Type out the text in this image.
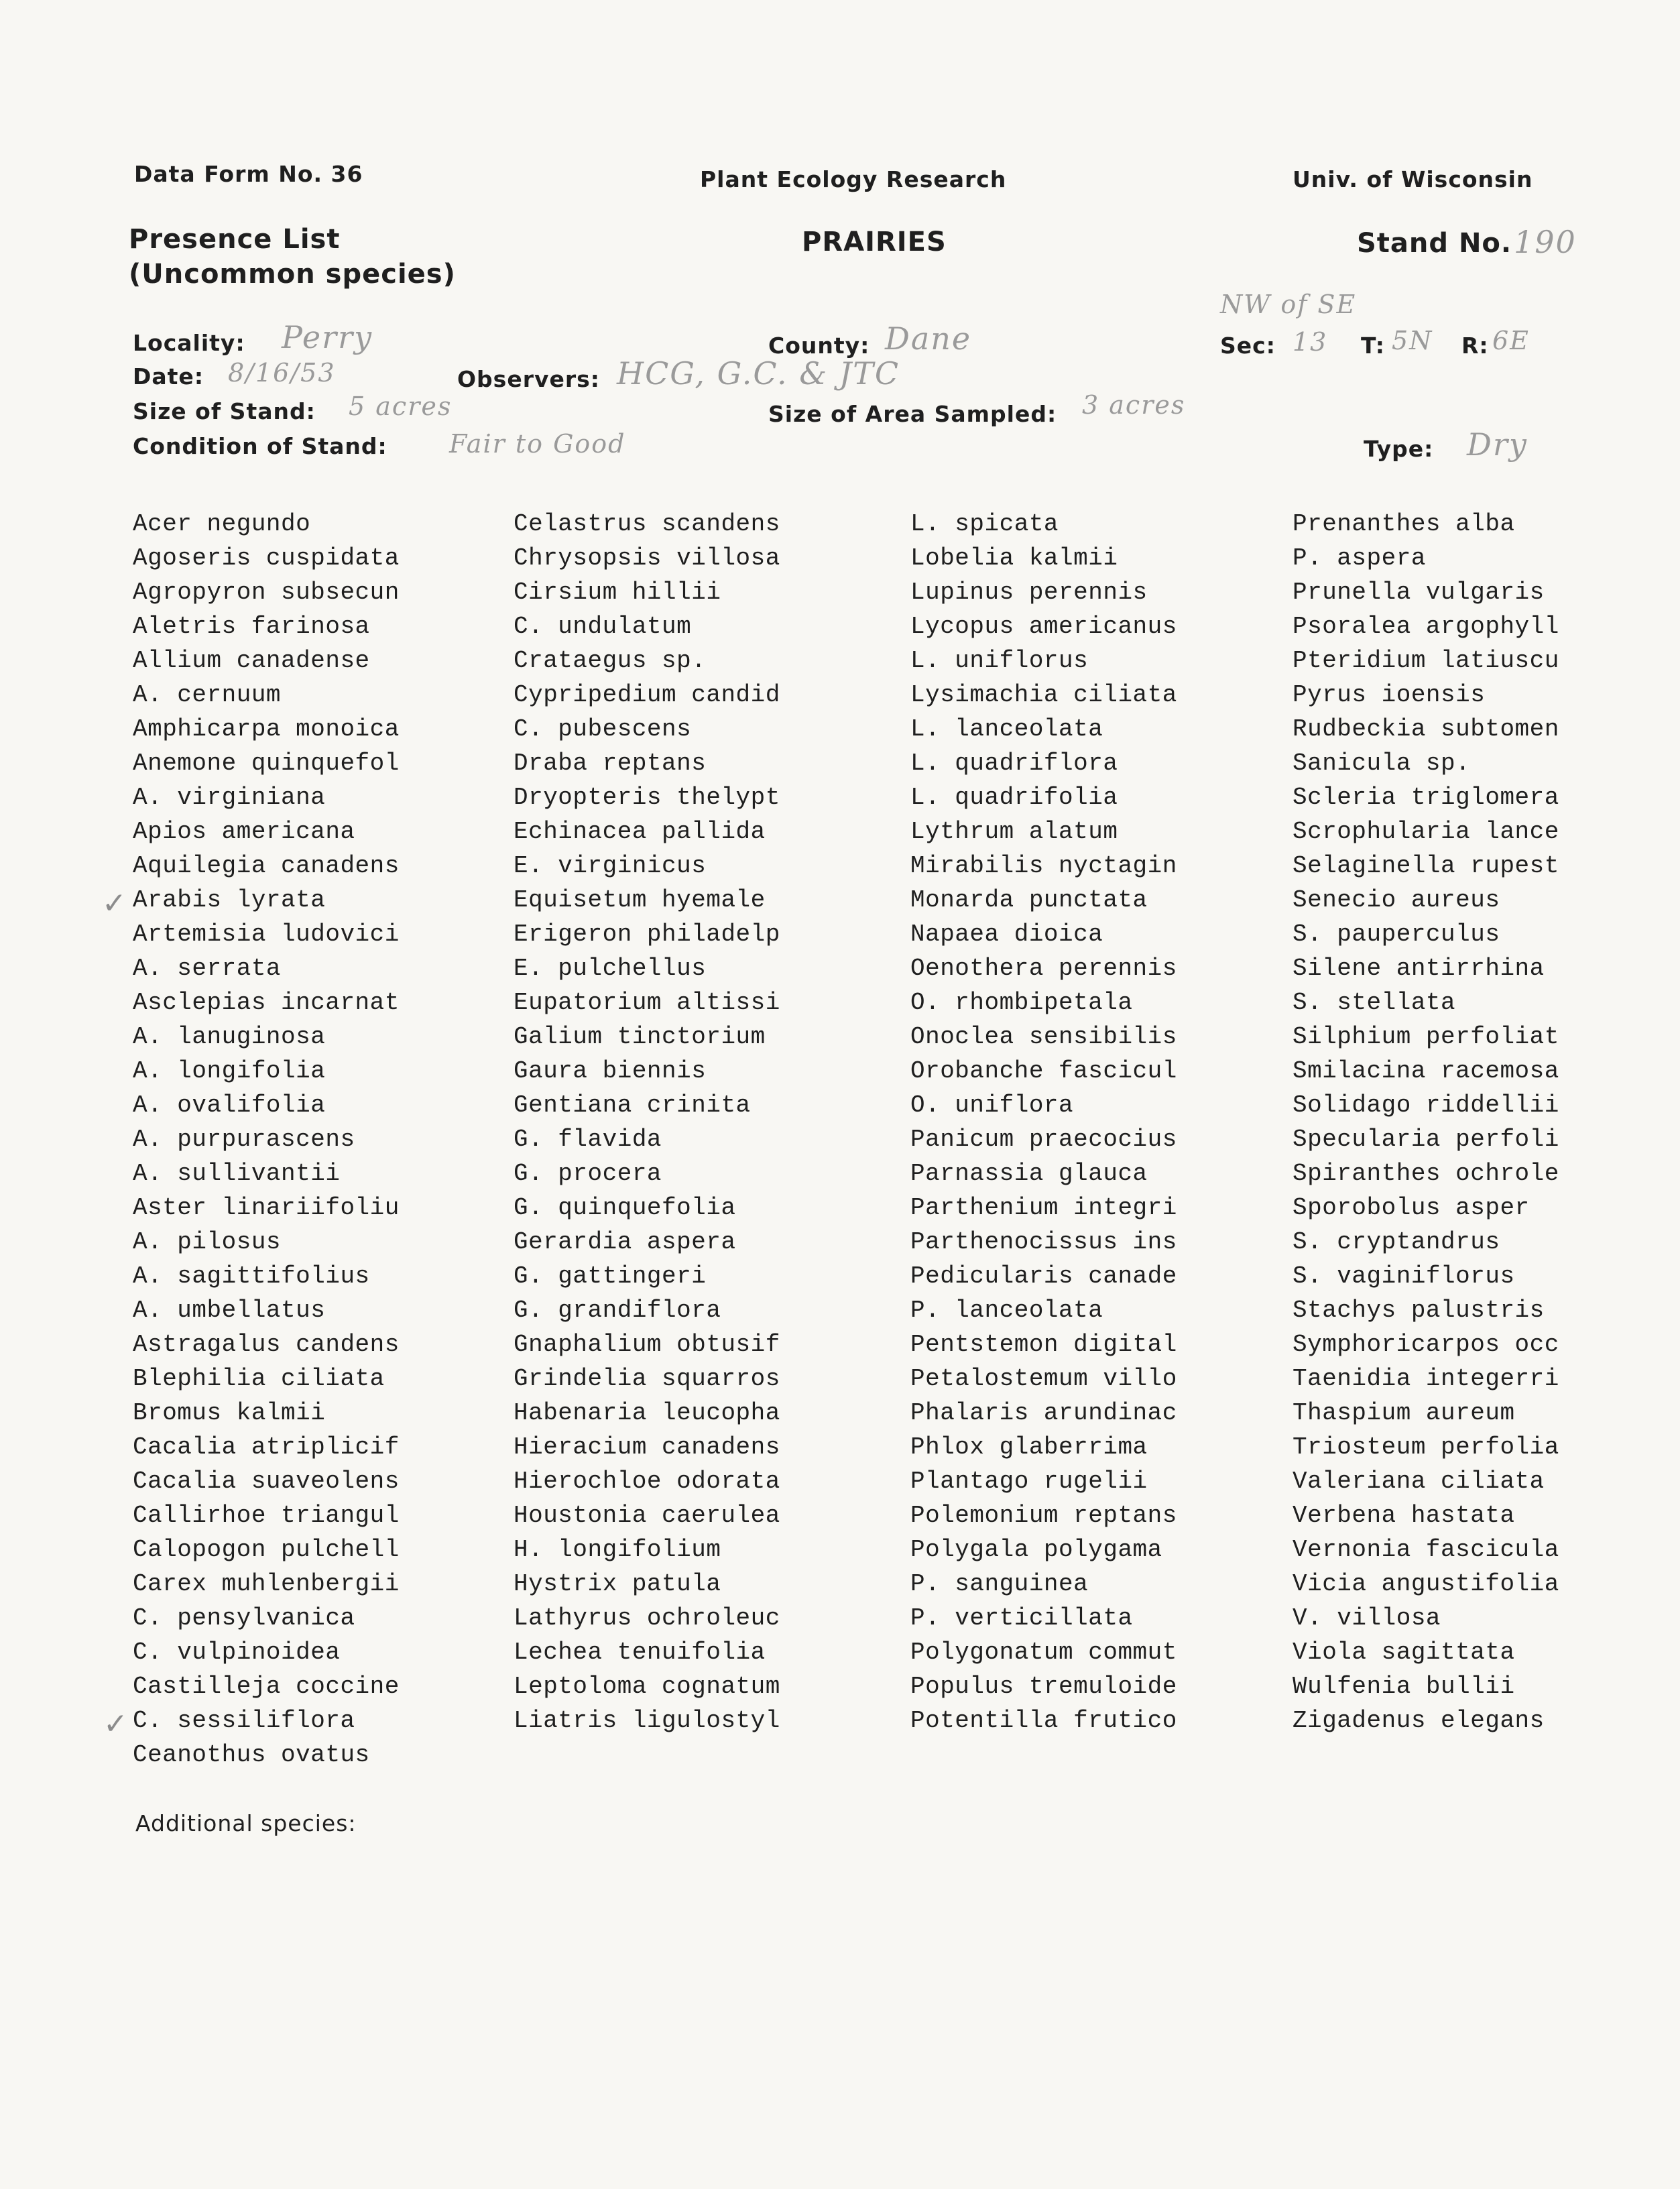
Data Form No. 36	Plant Ecology Research	Univ. of Wisconsin
Presence List
(Uncommon species)
PRAIRIES	Stand No. 190
NW of SE
Locality: Perry	County: Dane	Sec: 13 T: 5N R: 6E
Date: 8/16/53	Observers: HCG, G.C. & JTC
Size of Stand: 5 acres	Size of Area Sampled: 3 acres
Condition of Stand: Fair to Good	Type: Dry
Acer negundo
Agoseris cuspidata
Agropyron subsecun
Aletris farinosa
Allium canadense
A. cernuum
Amphicarpa monoica
Anemone quinquefol
A. virginiana
Apios americana
Aquilegia canadens
Arabis lyrata
Artemisia ludovici
A. serrata
Asclepias incarnat
A. lanuginosa
A. longifolia
A. ovalifolia
A. purpurascens
A. sullivantii
Aster linariifoliu
A. pilosus
A. sagittifolius
A. umbellatus
Astragalus candens
Blephilia ciliata
Bromus kalmii
Cacalia atriplicif
Cacalia suaveolens
Callirhoe triangul
Calopogon pulchell
Carex muhlenbergii
C. pensylvanica
C. vulpinoidea
Castilleja coccine
C. sessiliflora
Ceanothus ovatus
Celastrus scandens
Chrysopsis villosa
Cirsium hillii
C. undulatum
Crataegus sp.
Cypripedium candid
C. pubescens
Draba reptans
Dryopteris thelypt
Echinacea pallida
E. virginicus
Equisetum hyemale
Erigeron philadelp
E. pulchellus
Eupatorium altissi
Galium tinctorium
Gaura biennis
Gentiana crinita
G. flavida
G. procera
G. quinquefolia
Gerardia aspera
G. gattingeri
G. grandiflora
Gnaphalium obtusif
Grindelia squarros
Habenaria leucopha
Hieracium canadens
Hierochloe odorata
Houstonia caerulea
H. longifolium
Hystrix patula
Lathyrus ochroleuc
Lechea tenuifolia
Leptoloma cognatum
Liatris ligulostyl
L. spicata
Lobelia kalmii
Lupinus perennis
Lycopus americanus
L. uniflorus
Lysimachia ciliata
L. lanceolata
L. quadriflora
L. quadrifolia
Lythrum alatum
Mirabilis nyctagin
Monarda punctata
Napaea dioica
Oenothera perennis
O. rhombipetala
Onoclea sensibilis
Orobanche fascicul
O. uniflora
Panicum praecocius
Parnassia glauca
Parthenium integri
Parthenocissus ins
Pedicularis canade
P. lanceolata
Pentstemon digital
Petalostemum villo
Phalaris arundinac
Phlox glaberrima
Plantago rugelii
Polemonium reptans
Polygala polygama
P. sanguinea
P. verticillata
Polygonatum commut
Populus tremuloide
Potentilla frutico
Prenanthes alba
P. aspera
Prunella vulgaris
Psoralea argophyll
Pteridium latiuscu
Pyrus ioensis
Rudbeckia subtomen
Sanicula sp.
Scleria triglomera
Scrophularia lance
Selaginella rupest
Senecio aureus
S. pauperculus
Silene antirrhina
S. stellata
Silphium perfoliat
Smilacina racemosa
Solidago riddellii
Specularia perfoli
Spiranthes ochrole
Sporobolus asper
S. cryptandrus
S. vaginiflorus
Stachys palustris
Symphoricarpos occ
Taenidia integerri
Thaspium aureum
Triosteum perfolia
Valeriana ciliata
Verbena hastata
Vernonia fascicula
Vicia angustifolia
V. villosa
Viola sagittata
Wulfenia bullii
Zigadenus elegans
✓
✓
Additional species:
